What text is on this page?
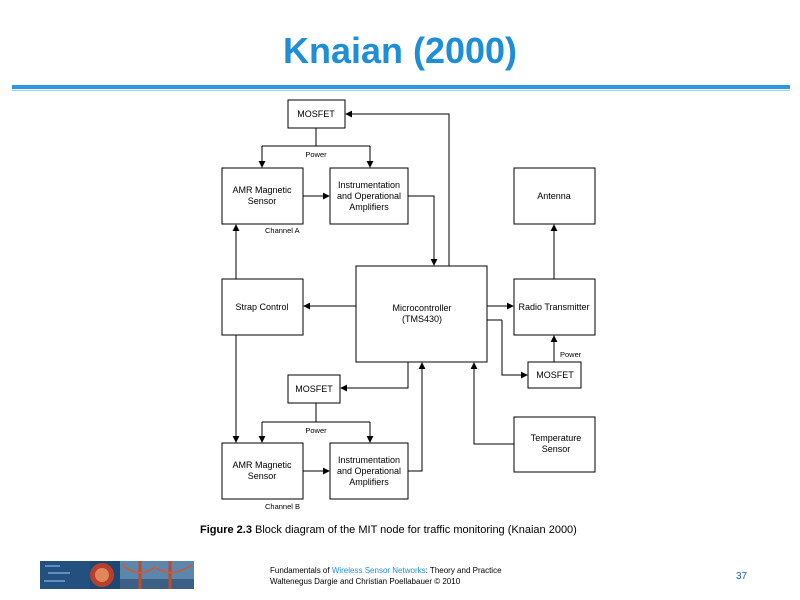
Knaian (2000)
MOSFET
Power
AMR Magnetic
Sensor
Instrumentation
and Operational
Amplifiers
Channel A
Strap Control	Microcontroller
(TMS430)
Antenna
Radio Transmitter
Power
MOSFET
MOSFET
Power
AMR Magnetic
Sensor
Instrumentation
and Operational
Amplifiers
Channel B
Temperature
Sensor
Figure 2.3 Block diagram of the MIT node for traffic monitoring (Knaian 2000)
Fundamentals of Wireless Sensor Networks: Theory and Practice
Waltenegus Dargie and Christian Poellabauer © 2010	37
